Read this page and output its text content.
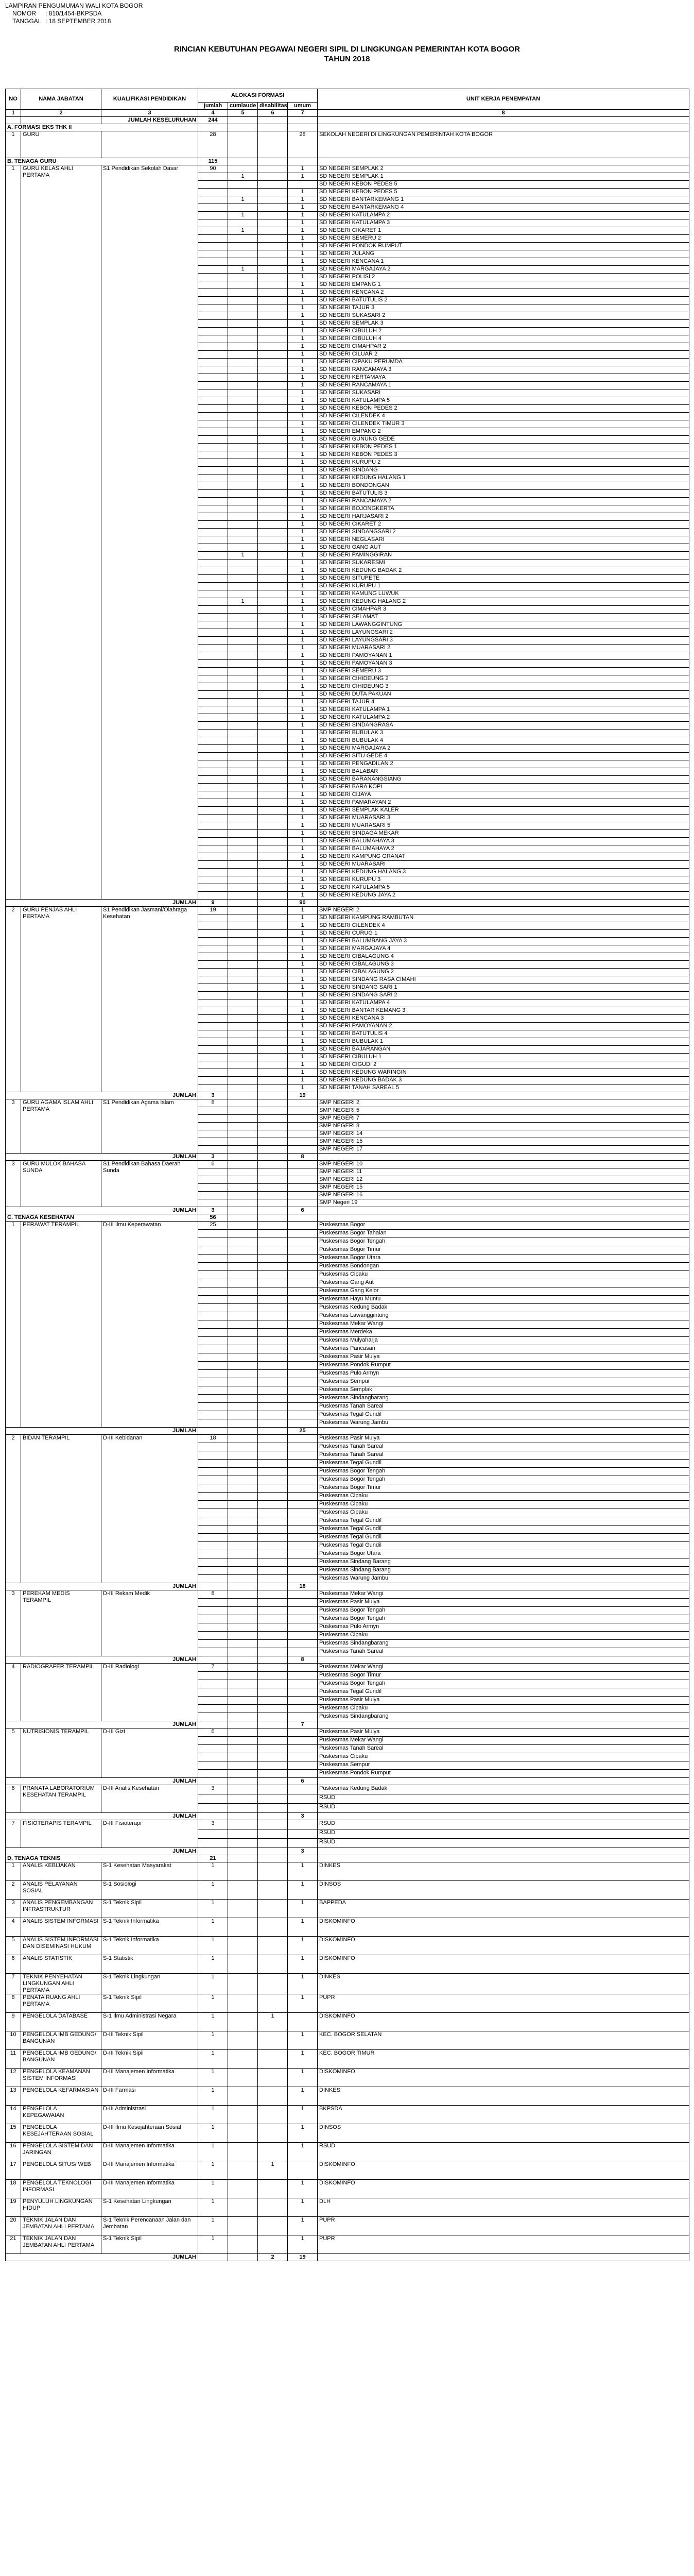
LAMPIRAN PENGUMUMAN WALI KOTA BOGOR
NOMOR : 810/1454-BKPSDA
TANGGAL : 18 SEPTEMBER 2018
RINCIAN KEBUTUHAN PEGAWAI NEGERI SIPIL DI LINGKUNGAN PEMERINTAH KOTA BOGOR
TAHUN 2018
NO	NAMA JABATAN	KUALIFIKASI PENDIDIKAN	ALOKASI FORMASI				UNIT KERJA PENEMPATAN
			jumlah	cumlaude	disabilitas	umum	
1	2	3	4	5	6	7	8
		JUMLAH KESELURUHAN	244				
A. FORMASI EKS THK II							
1	GURU		28			28	SEKOLAH NEGERI DI LINGKUNGAN PEMERINTAH KOTA BOGOR
B. TENAGA GURU			115				
1	GURU KELAS AHLI PERTAMA	S1 Pendidikan Sekolah Dasar	90			1	SD NEGERI SEMPLAK 2
				1		1	SD NEGERI SEMPLAK 1
							SD NEGERI KEBON PEDES 5
						1	SD NEGERI KEBON PEDES 5
				1		1	SD NEGERI BANTARKEMANG 1
						1	SD NEGERI BANTARKEMANG 4
				1		1	SD NEGERI KATULAMPA 2
						1	SD NEGERI KATULAMPA 3
				1		1	SD NEGERI CIKARET 1
						1	SD NEGERI SEMERU 2
						1	SD NEGERI PONDOK RUMPUT
						1	SD NEGERI JULANG
						1	SD NEGERI KENCANA 1
				1		1	SD NEGERI MARGAJAYA 2
						1	SD NEGERI POLISI 2
						1	SD NEGERI EMPANG 1
						1	SD NEGERI KENCANA 2
						1	SD NEGERI BATUTULIS 2
						1	SD NEGERI TAJUR 3
						1	SD NEGERI SUKASARI 2
						1	SD NEGERI SEMPLAK 3
						1	SD NEGERI CIBULUH 2
						1	SD NEGERI CIBULUH 4
						1	SD NEGERI CIMAHPAR 2
						1	SD NEGERI CILUAR 2
						1	SD NEGERI CIPAKU PERUMDA
						1	SD NEGERI RANCAMAYA 3
						1	SD NEGERI KERTAMAYA
						1	SD NEGERI RANCAMAYA 1
						1	SD NEGERI SUKASARI
						1	SD NEGERI KATULAMPA 5
						1	SD NEGERI KEBON PEDES 2
						1	SD NEGERI CILENDEK 4
						1	SD NEGERI CILENDEK TIMUR 3
						1	SD NEGERI EMPANG 2
						1	SD NEGERI GUNUNG GEDE
						1	SD NEGERI KEBON PEDES 1
						1	SD NEGERI KEBON PEDES 3
						1	SD NEGERI KURUPU 2
						1	SD NEGERI SINDANG
						1	SD NEGERI KEDUNG HALANG 1
						1	SD NEGERI BONDONGAN
						1	SD NEGERI BATUTULIS 3
						1	SD NEGERI RANCAMAYA 2
						1	SD NEGERI BOJONGKERTA
						1	SD NEGERI HARJASARI 2
						1	SD NEGERI CIKARET 2
						1	SD NEGERI SINDANGSARI 2
						1	SD NEGERI NEGLASARI
						1	SD NEGERI GANG AUT
				1		1	SD NEGERI PAMINGGIRAN
						1	SD NEGERI SUKARESMI
						1	SD NEGERI KEDUNG BADAK 2
						1	SD NEGERI SITUPETE
						1	SD NEGERI KURUPU 1
						1	SD NEGERI KAMUNG LUWUK
				1		1	SD NEGERI KEDUNG HALANG 2
						1	SD NEGERI CIMAHPAR 3
						1	SD NEGERI SELAMAT
						1	SD NEGERI LAWANGGINTUNG
						1	SD NEGERI LAYUNGSARI 2
						1	SD NEGERI LAYUNGSARI 3
						1	SD NEGERI MUARASARI 2
						1	SD NEGERI PAMOYANAN 1
						1	SD NEGERI PAMOYANAN 3
						1	SD NEGERI SEMERU 3
						1	SD NEGERI CIHIDEUNG 2
						1	SD NEGERI CIHIDEUNG 3
						1	SD NEGERI DUTA PAKUAN
						1	SD NEGERI TAJUR 4
						1	SD NEGERI KATULAMPA 1
						1	SD NEGERI KATULAMPA 2
						1	SD NEGERI SINDANGRASA
						1	SD NEGERI BUBULAK 3
						1	SD NEGERI BUBULAK 4
						1	SD NEGERI MARGAJAYA 2
						1	SD NEGERI SITU GEDE 4
						1	SD NEGERI PENGADILAN 2
						1	SD NEGERI BALABAR
						1	SD NEGERI BARANANGSIANG
						1	SD NEGERI BARA KOPI
						1	SD NEGERI CIJAYA
						1	SD NEGERI PAMARAYAN 2
						1	SD NEGERI SEMPLAK KALER
						1	SD NEGERI MUARASARI 3
						1	SD NEGERI MUARASARI 5
						1	SD NEGERI SINDAGA MEKAR
						1	SD NEGERI BALUMAHAYA 3
						1	SD NEGERI BALUMAHAYA 2
						1	SD NEGERI KAMPUNG GRANAT
						1	SD NEGERI MUARASARI
						1	SD NEGERI KEDUNG HALANG 3
						1	SD NEGERI KURUPU 3
						1	SD NEGERI KATULAMPA 5
						1	SD NEGERI KEDUNG JAYA 2
JUMLAH			9			90	
2	GURU PENJAS AHLI PERTAMA	S1 Pendidikan Jasmani/Olahraga Kesehatan	19			1	SMP NEGERI 2
						1	SD NEGERI KAMPUNG RAMBUTAN
						1	SD NEGERI CILENDEK 4
						1	SD NEGERI CURUG 1
						1	SD NEGERI BALUMBANG JAYA 3
						1	SD NEGERI MARGAJAYA 4
						1	SD NEGERI CIBALAGUNG 4
						1	SD NEGERI CIBALAGUNG 3
						1	SD NEGERI CIBALAGUNG 2
						1	SD NEGERI SINDANG RASA CIMAHI
						1	SD NEGERI SINDANG SARI 1
						1	SD NEGERI SINDANG SARI 2
						1	SD NEGERI KATULAMPA 4
						1	SD NEGERI BANTAR KEMANG 3
						1	SD NEGERI KENCANA 3
						1	SD NEGERI PAMOYANAN 2
						1	SD NEGERI BATUTULIS 4
						1	SD NEGERI BUBULAK 1
						1	SD NEGERI BAJARANGAN
						1	SD NEGERI CIBULUH 1
						1	SD NEGERI CIGUDI 2
						1	SD NEGERI KEDUNG WARINGIN
						1	SD NEGERI KEDUNG BADAK 3
						1	SD NEGERI TANAH SAREAL 5
JUMLAH			3			19	
3	GURU AGAMA ISLAM AHLI PERTAMA	S1 Pendidikan Agama Islam	8				SMP NEGERI 2
							SMP NEGERI 5
							SMP NEGERI 7
							SMP NEGERI 8
							SMP NEGERI 14
							SMP NEGERI 15
							SMP NEGERI 17
JUMLAH			3			8	
3	GURU MULOK BAHASA SUNDA	S1 Pendidikan Bahasa Daerah Sunda	6				SMP NEGERI 10
							SMP NEGERI 11
							SMP NEGERI 12
							SMP NEGERI 15
							SMP NEGERI 16
							SMP Negeri 19
JUMLAH			3			6	
C. TENAGA KESEHATAN			56				
1	PERAWAT TERAMPIL	D-III Ilmu Keperawatan	25				Puskesmas Bogor
							Puskesmas Bogor Tahalan
							Puskesmas Bogor Tengah
							Puskesmas Bogor Timur
							Puskesmas Bogor Utara
							Puskesmas Bondongan
							Puskesmas Cipaku
							Puskesmas Gang Aut
							Puskesmas Gang Kelor
							Puskesmas Hayu Muntu
							Puskesmas Kedung Badak
							Puskesmas Lawanggintung
							Puskesmas Mekar Wangi
							Puskesmas Merdeka
							Puskesmas Mulyaharja
							Puskesmas Pancasan
							Puskesmas Pasir Mulya
							Puskesmas Pondok Rumput
							Puskesmas Pulo Armyn
							Puskesmas Sempur
							Puskesmas Semplak
							Puskesmas Sindangbarang
							Puskesmas Tanah Sareal
							Puskesmas Tegal Gundil
							Puskesmas Warung Jambu
JUMLAH						25	
2	BIDAN TERAMPIL	D-III Kebidanan	18				Puskesmas Pasir Mulya
							Puskesmas Tanah Sareal
							Puskesmas Tanah Sareal
							Puskesmas Tegal Gundil
							Puskesmas Bogor Tengah
							Puskesmas Bogor Tengah
							Puskesmas Bogor Timur
							Puskesmas Cipaku
							Puskesmas Cipaku
							Puskesmas Cipaku
							Puskesmas Tegal Gundil
							Puskesmas Tegal Gundil
							Puskesmas Tegal Gundil
							Puskesmas Tegal Gundil
							Puskesmas Bogor Utara
							Puskesmas Sindang Barang
							Puskesmas Sindang Barang
							Puskesmas Warung Jambu
JUMLAH						18	
3	PEREKAM MEDIS TERAMPIL	D-III Rekam Medik	8				Puskesmas Mekar Wangi
							Puskesmas Pasir Mulya
							Puskesmas Bogor Tengah
							Puskesmas Bogor Tengah
							Puskesmas Pulo Armyn
							Puskesmas Cipaku
							Puskesmas Sindangbarang
							Puskesmas Tanah Sareal
JUMLAH						8	
4	RADIOGRAFER TERAMPIL	D-III Radiologi	7				Puskesmas Mekar Wangi
							Puskesmas Bogor Timur
							Puskesmas Bogor Tengah
							Puskesmas Tegal Gundil
							Puskesmas Pasir Mulya
							Puskesmas Cipaku
							Puskesmas Sindangbarang
JUMLAH						7	
5	NUTRISIONIS TERAMPIL	D-III Gizi	6				Puskesmas Pasir Mulya
							Puskesmas Mekar Wangi
							Puskesmas Tanah Sareal
							Puskesmas Cipaku
							Puskesmas Sempur
							Puskesmas Pondok Rumput
JUMLAH						6	
6	PRANATA LABORATORIUM KESEHATAN TERAMPIL	D-III Analis Kesehatan	3				Puskesmas Kedung Badak
							RSUD
							RSUD
JUMLAH						3	
7	FISIOTERAPIS TERAMPIL	D-III Fisioterapi	3				RSUD
							RSUD
							RSUD
JUMLAH						3	
D. TENAGA TEKNIS			21				
1	ANALIS KEBIJAKAN	S-1 Kesehatan Masyarakat	1			1	DINKES
2	ANALIS PELAYANAN SOSIAL	S-1 Sosiologi	1			1	DINSOS
3	ANALIS PENGEMBANGAN INFRASTRUKTUR	S-1 Teknik Sipil	1			1	BAPPEDA
4	ANALIS SISTEM INFORMASI	S-1 Teknik Informatika	1			1	DISKOMINFO
5	ANALIS SISTEM INFORMASI DAN DISEMINASI HUKUM	S-1 Teknik Informatika	1			1	DISKOMINFO
6	ANALIS STATISTIK	S-1 Statistik	1			1	DISKOMINFO
7	TEKNIK PENYEHATAN LINGKUNGAN AHLI PERTAMA	S-1 Teknik Lingkungan	1			1	DINKES
8	PENATA RUANG AHLI PERTAMA	S-1 Teknik Sipil	1			1	PUPR
9	PENGELOLA DATABASE	S-1 Ilmu Administrasi Negara	1		1		DISKOMINFO
10	PENGELOLA IMB GEDUNG/ BANGUNAN	D-III Teknik Sipil	1			1	KEC. BOGOR SELATAN
11	PENGELOLA IMB GEDUNG/ BANGUNAN	D-III Teknik Sipil	1			1	KEC. BOGOR TIMUR
12	PENGELOLA KEAMANAN SISTEM INFORMASI	D-III Manajemen Informatika	1			1	DISKOMINFO
13	PENGELOLA KEFARMASIAN	D-III Farmasi	1			1	DINKES
14	PENGELOLA KEPEGAWAIAN	D-III Administrasi	1			1	BKPSDA
15	PENGELOLA KESEJAHTERAAN SOSIAL	D-III Ilmu Kesejahteraan Sosial	1			1	DINSOS
16	PENGELOLA SISTEM DAN JARINGAN	D-III Manajemen Informatika	1			1	RSUD
17	PENGELOLA SITUS/ WEB	D-III Manajemen Informatika	1		1		DISKOMINFO
18	PENGELOLA TEKNOLOGI INFORMASI	D-III Manajemen Informatika	1			1	DISKOMINFO
19	PENYULUH LINGKUNGAN HIDUP	S-1 Kesehatan Lingkungan	1			1	DLH
20	TEKNIK JALAN DAN JEMBATAN AHLI PERTAMA	S-1 Teknik Perencanaan Jalan dan Jembatan	1			1	PUPR
21	TEKNIK JALAN DAN JEMBATAN AHLI PERTAMA	S-1 Teknik Sipil	1			1	PUPR
JUMLAH					2	19	
